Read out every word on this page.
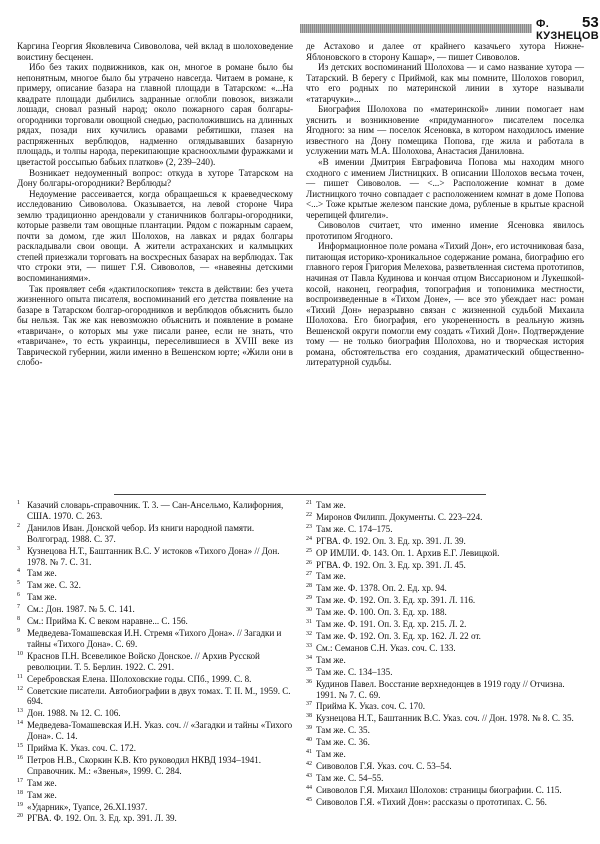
Ф. КУЗНЕЦОВ
53

Каргина Георгия Яковлевича Сивоволова, чей вклад в шолоховедение воистину бесценен.

Ибо без таких подвижников, как он, многое в романе было бы непонятным, многое было бы утрачено навсегда. Читаем в романе, к примеру, описание базара на главной площади в Татарском: «...На квадрате площади дыбились задранные оглобли повозок, визжали лошади, сновал разный народ; около пожарного сарая болгары-огородники торговали овощной снедью, расположившись на длинных рядах, позади них кучились оравами ребятишки, глазея на распряженных верблюдов, надменно оглядывавших базарную площадь, и толпы народа, перекипающие красноохлыми фуражками и цветастой россыпью бабьих платков» (2, 239–240).

Возникает недоуменный вопрос: откуда в хуторе Татарском на Дону болгары-огородники? Верблюды?

Недоумение рассеивается, когда обращаешься к краеведческому исследованию Сивоволова. Оказывается, на левой стороне Чира землю традиционно арендовали у станичников болгары-огородники, которые развели там овощные плантации. Рядом с пожарным сараем, почти за домом, где жил Шолохов, на лавках и рядах болгары раскладывали свои овощи. А жители астраханских и калмыцких степей приезжали торговать на восхресных базарах на верблюдах. Так что строки эти, — пишет Г.Я. Сивоволов, — «навеяны детскими воспоминаниями».

Так проявляет себя «дактилоскопия» текста в действии: без учета жизненного опыта писателя, воспоминаний его детства появление на базаре в Татарском болгар-огородников и верблюдов объяснить было бы нельзя. Так же как невозможно объяснить и появление в романе «тавричан», о которых мы уже писали ранее, если не знать, что «тавричане», то есть украинцы, переселившиеся в XVIII веке из Таврической губернии, жили именно в Вешенском юрте; «Жили они в слобо-

де Астахово и далее от крайнего казачьего хутора Нижне-Яблоновского в сторону Кашар», — пишет Сивоволов.

Из детских воспоминаний Шолохова — и само название хутора — Татарский. В берегу с Приймой, как мы помните, Шолохов говорил, что его родных по материнской линии в хуторе называли «татарчуки»...

Биография Шолохова по «материнской» линии помогает нам уяснить и возникновение «придуманного» писателем поселка Ягодного: за ним — поселок Ясеновка, в котором находилось имение известного на Дону помещика Попова, где жила и работала в услужении мать М.А. Шолохова, Анастасия Даниловна.

«В имении Дмитрия Евграфовича Попова мы находим много сходного с имением Листницких. В описании Шолохов весьма точен, — пишет Сивоволов. — <...> Расположение комнат в доме Листницкого точно совпадает с расположением комнат в доме Попова <...> Тоже крытые железом панские дома, рубленые в крытые красной черепицей флигели».

Сивоволов считает, что именно имение Ясеновка явилось прототипом Ягодного.

Информационное поле романа «Тихий Дон», его источниковая база, питающая историко-хроникальное содержание романа, биографию его главного героя Григория Мелехова, разветвленная система прототипов, начиная от Павла Кудинова и кончая отцом Виссарионом и Лукешкой-косой, наконец, география, топография и топонимика местности, воспроизведенные в «Тихом Доне», — все это убеждает нас: роман «Тихий Дон» неразрывно связан с жизненной судьбой Михаила Шолохова. Его биография, его укорененность в реальную жизнь Вешенской округи помогли ему создать «Тихий Дон». Подтверждение тому — не только биография Шолохова, но и творческая история романа, обстоятельства его создания, драматический общественно-литературной судьбы.

1 Казачий словарь-справочник. Т. 3. — Сан-Ансельмо, Калифорния, США. 1970. С. 263.
2 Данилов Иван. Донской чебор. Из книги народной памяти. Волгоград. 1988. С. 37.
3 Кузнецова Н.Т., Баштанник В.С. У истоков «Тихого Дона» // Дон. 1978. № 7. С. 31.
4 Там же.
5 Там же. С. 32.
6 Там же.
7 См.: Дон. 1987. № 5. С. 141.
8 См.: Прийма К. С веком наравне... С. 156.
9 Медведева-Томашевская И.Н. Стремя «Тихого Дона». // Загадки и тайны «Тихого Дона». С. 69.
10 Краснов П.Н. Всевеликое Войско Донское. // Архив Русской революции. Т. 5. Берлин. 1922. С. 291.
11 Серебровская Елена. Шолоховские годы. СПб., 1999. С. 8.
12 Советские писатели. Автобиографии в двух томах. Т. II. М., 1959. С. 694.
13 Дон. 1988. № 12. С. 106.
14 Медведева-Томашевская И.Н. Указ. соч. // «Загадки и тайны «Тихого Дона». С. 14.
15 Прийма К. Указ. соч. С. 172.
16 Петров Н.В., Скоркин К.В. Кто руководил НКВД 1934–1941. Справочник. М.: «Звенья», 1999. С. 284.
17 Там же.
18 Там же.
19 «Ударник», Туапсе, 26.XI.1937.
20 РГВА. Ф. 192. Оп. 3. Ед. хр. 391. Л. 39.
21 Там же.
22 Миронов Филипп. Документы. С. 223–224.
23 Там же. С. 174–175.
24 РГВА. Ф. 192. Оп. 3. Ед. хр. 391. Л. 39.
25 ОР ИМЛИ. Ф. 143. Оп. 1. Архив Е.Г. Левицкой.
26 РГВА. Ф. 192. Оп. 3. Ед. хр. 391. Л. 45.
27 Там же.
28 Там же. Ф. 1378. Оп. 2. Ед. хр. 94.
29 Там же. Ф. 192. Оп. 3. Ед. хр. 391. Л. 116.
30 Там же. Ф. 100. Оп. 3. Ед. хр. 188.
31 Там же. Ф. 191. Оп. 3. Ед. хр. 215. Л. 2.
32 Там же. Ф. 192. Оп. 3. Ед. хр. 162. Л. 22 от.
33 См.: Семанов С.Н. Указ. соч. С. 133.
34 Там же.
35 Там же. С. 134–135.
36 Кудинов Павел. Восстание верхнедонцев в 1919 году // Отчизна. 1991. № 7. С. 69.
37 Прийма К. Указ. соч. С. 170.
38 Кузнецова Н.Т., Баштанник В.С. Указ. соч. // Дон. 1978. № 8. С. 35.
39 Там же. С. 35.
40 Там же. С. 36.
41 Там же.
42 Сивоволов Г.Я. Указ. соч. С. 53–54.
43 Там же. С. 54–55.
44 Сивоволов Г.Я. Михаил Шолохов: страницы биографии. С. 115.
45 Сивоволов Г.Я. «Тихий Дон»: рассказы о прототипах. С. 56.
